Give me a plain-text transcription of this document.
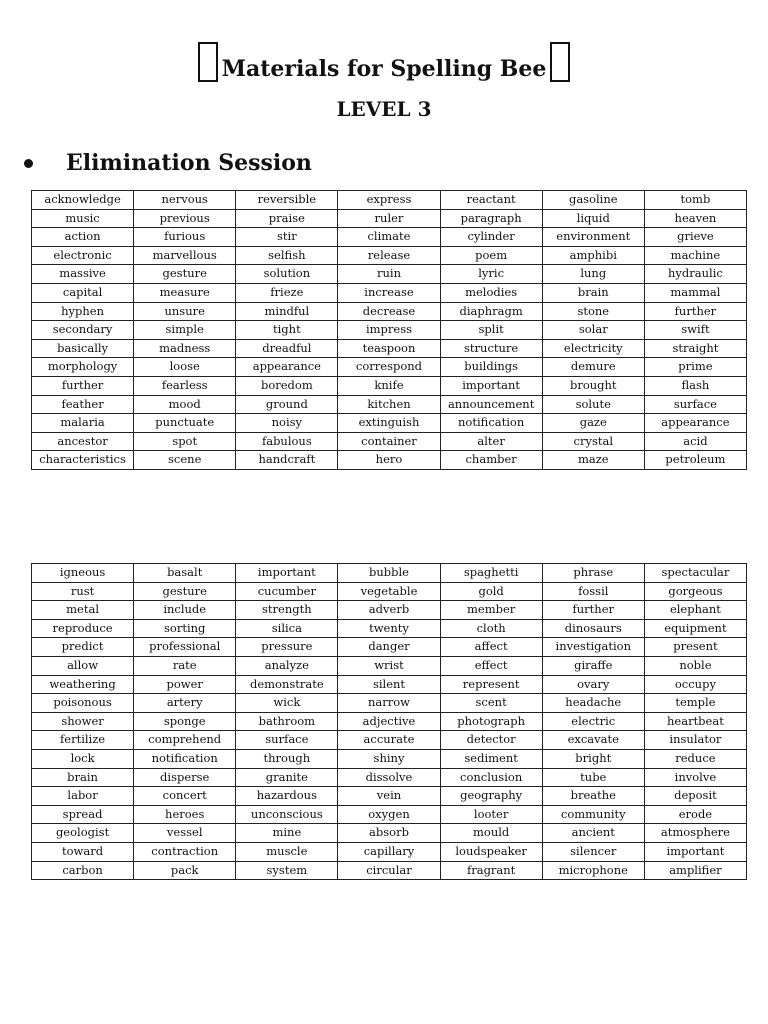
Materials for Spelling Bee
LEVEL 3
Elimination Session
acknowledge	nervous	reversible	express	reactant	gasoline	tomb
music	previous	praise	ruler	paragraph	liquid	heaven
action	furious	stir	climate	cylinder	environment	grieve
electronic	marvellous	selfish	release	poem	amphibi	machine
massive	gesture	solution	ruin	lyric	lung	hydraulic
capital	measure	frieze	increase	melodies	brain	mammal
hyphen	unsure	mindful	decrease	diaphragm	stone	further
secondary	simple	tight	impress	split	solar	swift
basically	madness	dreadful	teaspoon	structure	electricity	straight
morphology	loose	appearance	correspond	buildings	demure	prime
further	fearless	boredom	knife	important	brought	flash
feather	mood	ground	kitchen	announcement	solute	surface
malaria	punctuate	noisy	extinguish	notification	gaze	appearance
ancestor	spot	fabulous	container	alter	crystal	acid
characteristics	scene	handcraft	hero	chamber	maze	petroleum
igneous	basalt	important	bubble	spaghetti	phrase	spectacular
rust	gesture	cucumber	vegetable	gold	fossil	gorgeous
metal	include	strength	adverb	member	further	elephant
reproduce	sorting	silica	twenty	cloth	dinosaurs	equipment
predict	professional	pressure	danger	affect	investigation	present
allow	rate	analyze	wrist	effect	giraffe	noble
weathering	power	demonstrate	silent	represent	ovary	occupy
poisonous	artery	wick	narrow	scent	headache	temple
shower	sponge	bathroom	adjective	photograph	electric	heartbeat
fertilize	comprehend	surface	accurate	detector	excavate	insulator
lock	notification	through	shiny	sediment	bright	reduce
brain	disperse	granite	dissolve	conclusion	tube	involve
labor	concert	hazardous	vein	geography	breathe	deposit
spread	heroes	unconscious	oxygen	looter	community	erode
geologist	vessel	mine	absorb	mould	ancient	atmosphere
toward	contraction	muscle	capillary	loudspeaker	silencer	important
carbon	pack	system	circular	fragrant	microphone	amplifier
